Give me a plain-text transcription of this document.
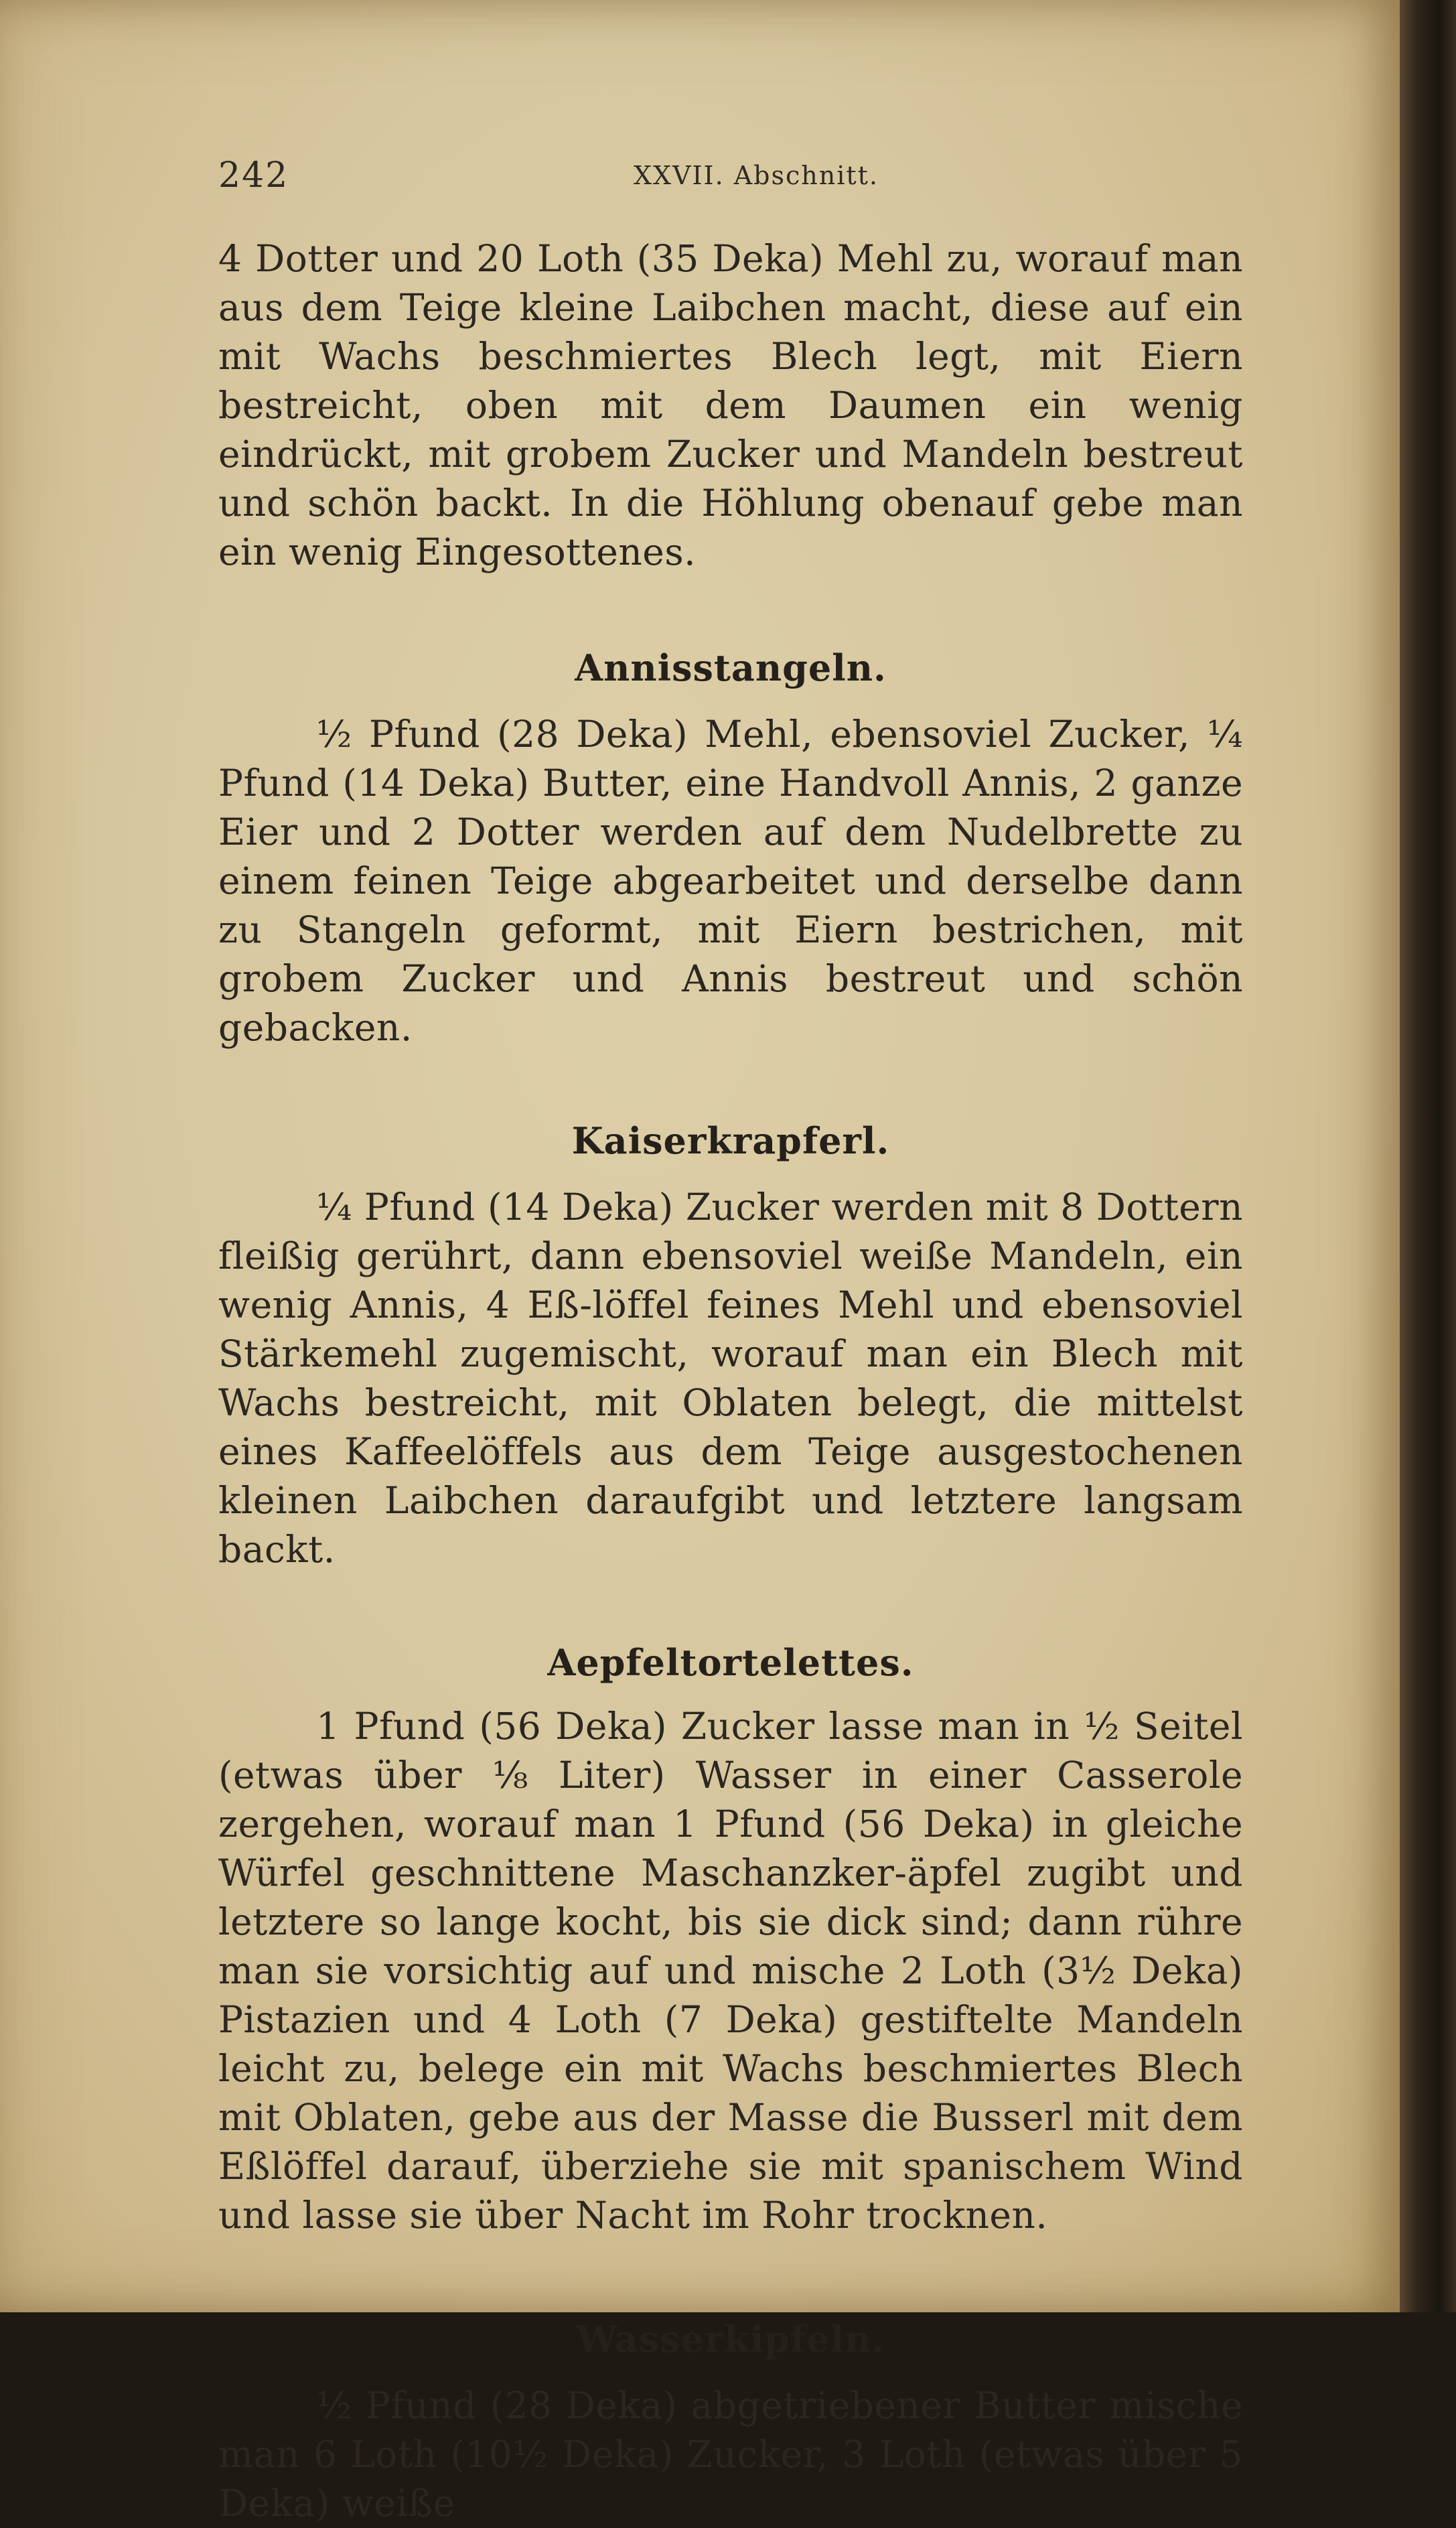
242	XXVII. Abschnitt.

4 Dotter und 20 Loth (35 Deka) Mehl zu, worauf man aus dem Teige kleine Laibchen macht, diese auf ein mit Wachs beschmiertes Blech legt, mit Eiern bestreicht, oben mit dem Daumen ein wenig eindrückt, mit grobem Zucker und Mandeln bestreut und schön backt. In die Höhlung obenauf gebe man ein wenig Eingesottenes.

Annisstangeln.

½ Pfund (28 Deka) Mehl, ebensoviel Zucker, ¼ Pfund (14 Deka) Butter, eine Handvoll Annis, 2 ganze Eier und 2 Dotter werden auf dem Nudelbrette zu einem feinen Teige abgearbeitet und derselbe dann zu Stangeln geformt, mit Eiern bestrichen, mit grobem Zucker und Annis bestreut und schön gebacken.

Kaiserkrapferl.

¼ Pfund (14 Deka) Zucker werden mit 8 Dottern fleißig gerührt, dann ebensoviel weiße Mandeln, ein wenig Annis, 4 Eß-löffel feines Mehl und ebensoviel Stärkemehl zugemischt, worauf man ein Blech mit Wachs bestreicht, mit Oblaten belegt, die mittelst eines Kaffeelöffels aus dem Teige ausgestochenen kleinen Laibchen daraufgibt und letztere langsam backt.

Aepfeltortelettes.

1 Pfund (56 Deka) Zucker lasse man in ½ Seitel (etwas über ⅛ Liter) Wasser in einer Casserole zergehen, worauf man 1 Pfund (56 Deka) in gleiche Würfel geschnittene Maschanzker-äpfel zugibt und letztere so lange kocht, bis sie dick sind; dann rühre man sie vorsichtig auf und mische 2 Loth (3½ Deka) Pistazien und 4 Loth (7 Deka) gestiftelte Mandeln leicht zu, belege ein mit Wachs beschmiertes Blech mit Oblaten, gebe aus der Masse die Busserl mit dem Eßlöffel darauf, überziehe sie mit spanischem Wind und lasse sie über Nacht im Rohr trocknen.

Wasserkipfeln.

½ Pfund (28 Deka) abgetriebener Butter mische man 6 Loth (10½ Deka) Zucker, 3 Loth (etwas über 5 Deka) weiße
